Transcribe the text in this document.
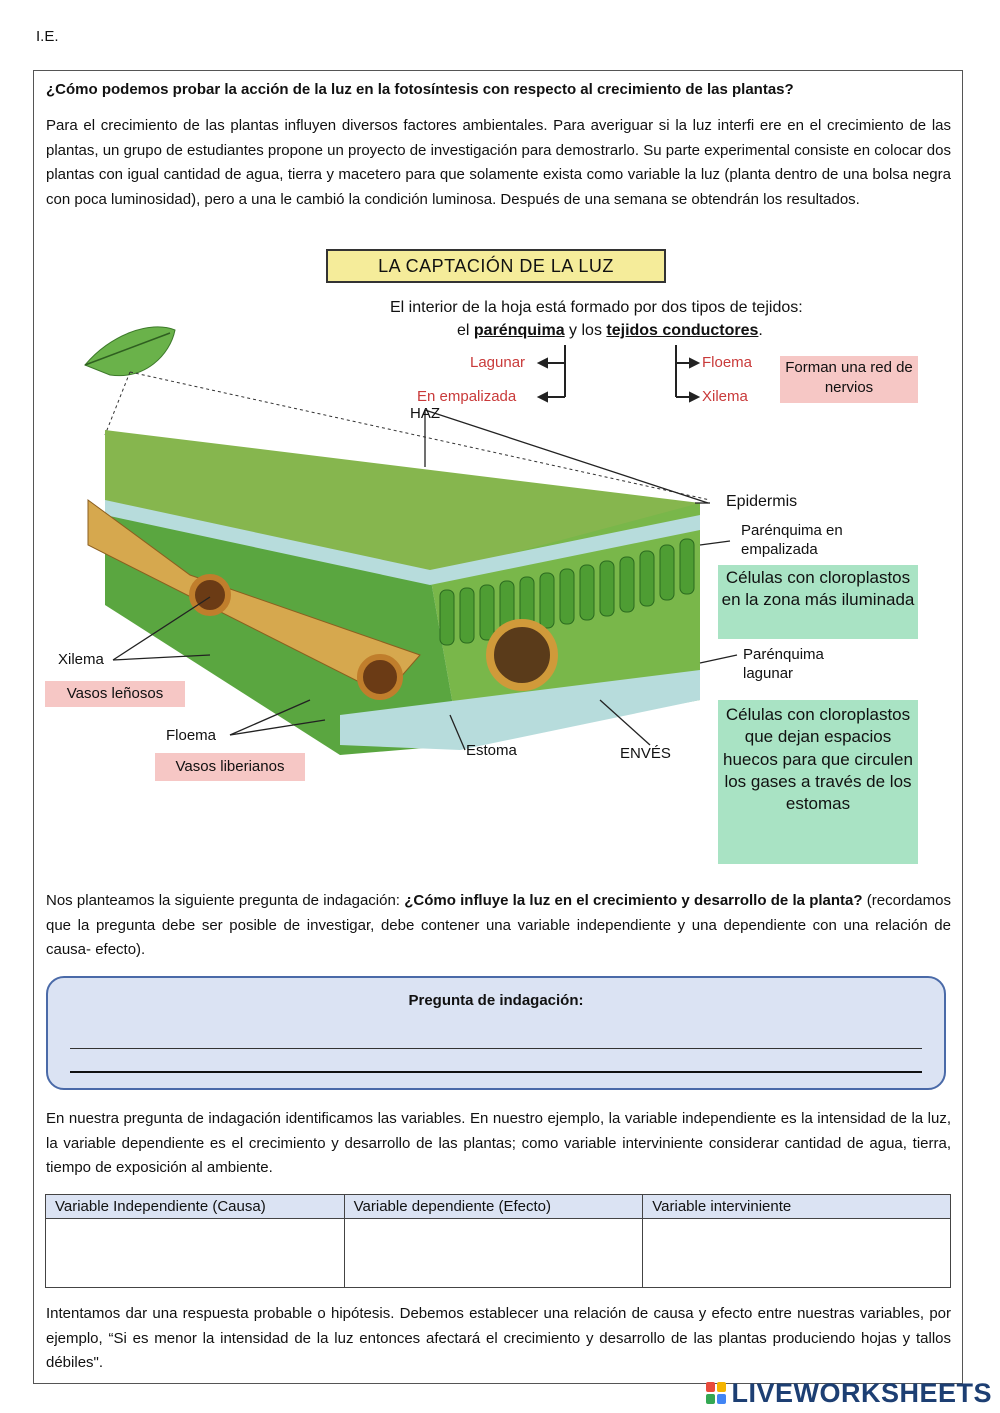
I.E.
¿Cómo podemos probar la acción de la luz en la fotosíntesis con respecto al crecimiento de las plantas?
Para el crecimiento de las plantas influyen diversos factores ambientales. Para averiguar si la luz interfi ere en el crecimiento de las plantas, un grupo de estudiantes propone un proyecto de investigación para demostrarlo. Su parte experimental consiste en colocar dos plantas con igual cantidad de agua, tierra y macetero para que solamente exista como variable la luz (planta dentro de una bolsa negra con poca luminosidad), pero a una le cambió la condición luminosa. Después de una semana se obtendrán los resultados.
LA CAPTACIÓN DE LA LUZ
El interior de la hoja está formado por dos tipos de tejidos:
el parénquima y los tejidos conductores.
Lagunar
En empalizada
Floema
Xilema
Forman una red de nervios
HAZ
Epidermis
Parénquima en empalizada
Células con cloroplastos en la zona más iluminada
Parénquima lagunar
Células con cloroplastos que dejan espacios huecos para que circulen los gases a través de los estomas
Xilema
Vasos leñosos
Floema
Vasos liberianos
Estoma	ENVÉS
Nos planteamos la siguiente pregunta de indagación: ¿Cómo influye la luz en el crecimiento y desarrollo de la planta? (recordamos que la pregunta debe ser posible de investigar, debe contener una variable independiente y una dependiente con una relación de causa- efecto).
Pregunta de indagación:
En nuestra pregunta de indagación identificamos las variables. En nuestro ejemplo, la variable independiente es la intensidad de la luz, la variable dependiente es el crecimiento y desarrollo de las plantas; como variable interviniente considerar cantidad de agua, tierra, tiempo de exposición al ambiente.
Variable Independiente (Causa)	Variable dependiente (Efecto)	Variable interviniente

Intentamos dar una respuesta probable o hipótesis. Debemos establecer una relación de causa y efecto entre nuestras variables, por ejemplo, “Si es menor la intensidad de la luz entonces afectará el crecimiento y desarrollo de las plantas produciendo hojas y tallos débiles".
LIVEWORKSHEETS
